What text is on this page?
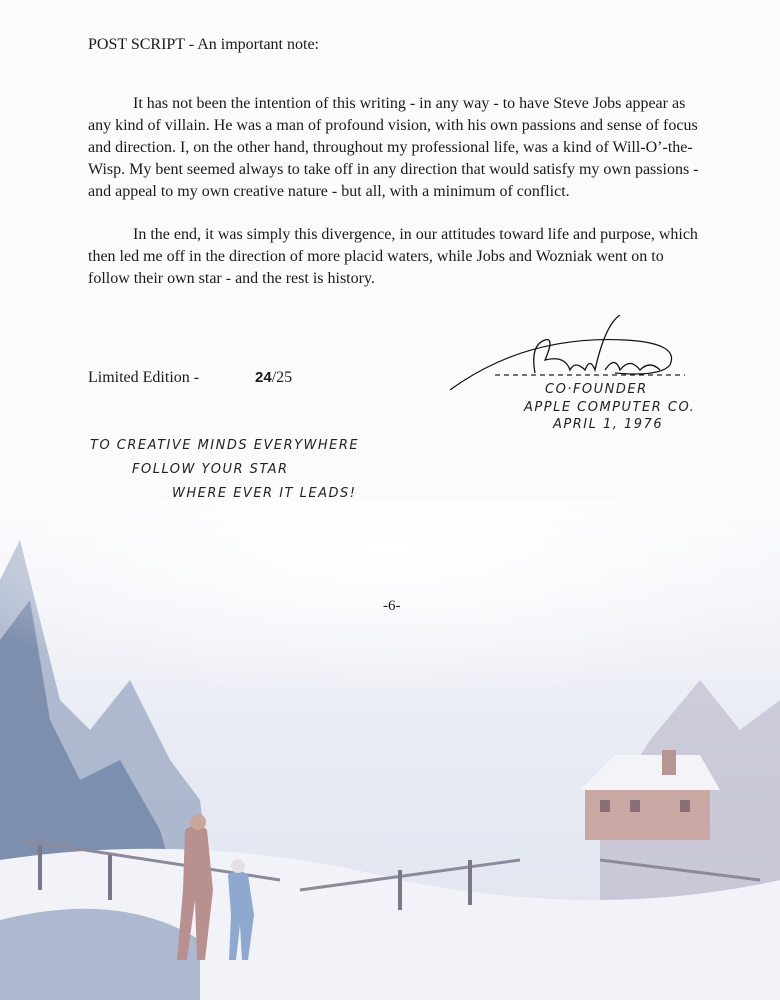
POST SCRIPT - An important note:

It has not been the intention of this writing - in any way - to have Steve Jobs appear as any kind of villain. He was a man of profound vision, with his own passions and sense of focus and direction. I, on the other hand, throughout my professional life, was a kind of Will-O’-the-Wisp. My bent seemed always to take off in any direction that would satisfy my own passions - and appeal to my own creative nature - but all, with a minimum of conflict.

In the end, it was simply this divergence, in our attitudes toward life and purpose, which then led me off in the direction of more placid waters, while Jobs and Wozniak went on to follow their own star - and the rest is history.

Limited Edition -	24/25
CO·FOUNDER
APPLE COMPUTER CO.
APRIL 1, 1976
TO CREATIVE MINDS EVERYWHERE
FOLLOW YOUR STAR
WHERE EVER IT LEADS!
-6-
